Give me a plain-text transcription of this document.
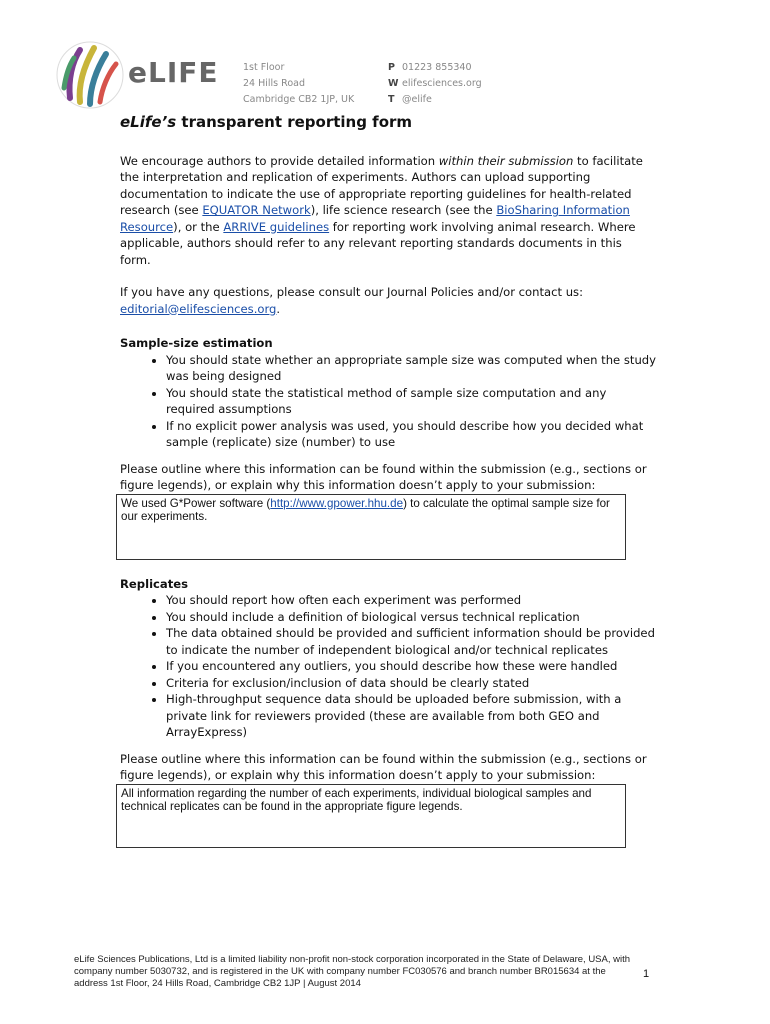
eLIFE	1st Floor
24 Hills Road
Cambridge CB2 1JP, UK
P 01223 855340
W elifesciences.org
T @elife
eLife’s transparent reporting form

We encourage authors to provide detailed information within their submission to facilitate the interpretation and replication of experiments. Authors can upload supporting documentation to indicate the use of appropriate reporting guidelines for health-related research (see EQUATOR Network), life science research (see the BioSharing Information Resource), or the ARRIVE guidelines for reporting work involving animal research. Where applicable, authors should refer to any relevant reporting standards documents in this form.

If you have any questions, please consult our Journal Policies and/or contact us: editorial@elifesciences.org.

Sample-size estimation
• You should state whether an appropriate sample size was computed when the study was being designed
• You should state the statistical method of sample size computation and any required assumptions
• If no explicit power analysis was used, you should describe how you decided what sample (replicate) size (number) to use

Please outline where this information can be found within the submission (e.g., sections or figure legends), or explain why this information doesn’t apply to your submission:

We used G*Power software (http://www.gpower.hhu.de) to calculate the optimal sample size for our experiments.
Replicates
• You should report how often each experiment was performed
• You should include a definition of biological versus technical replication
• The data obtained should be provided and sufficient information should be provided to indicate the number of independent biological and/or technical replicates
• If you encountered any outliers, you should describe how these were handled
• Criteria for exclusion/inclusion of data should be clearly stated
• High-throughput sequence data should be uploaded before submission, with a private link for reviewers provided (these are available from both GEO and ArrayExpress)

Please outline where this information can be found within the submission (e.g., sections or figure legends), or explain why this information doesn’t apply to your submission:

All information regarding the number of each experiments, individual biological samples and technical replicates can be found in the appropriate figure legends.
eLife Sciences Publications, Ltd is a limited liability non-profit non-stock corporation incorporated in the State of Delaware, USA, with company number 5030732, and is registered in the UK with company number FC030576 and branch number BR015634 at the address 1st Floor, 24 Hills Road, Cambridge CB2 1JP | August 2014
1
